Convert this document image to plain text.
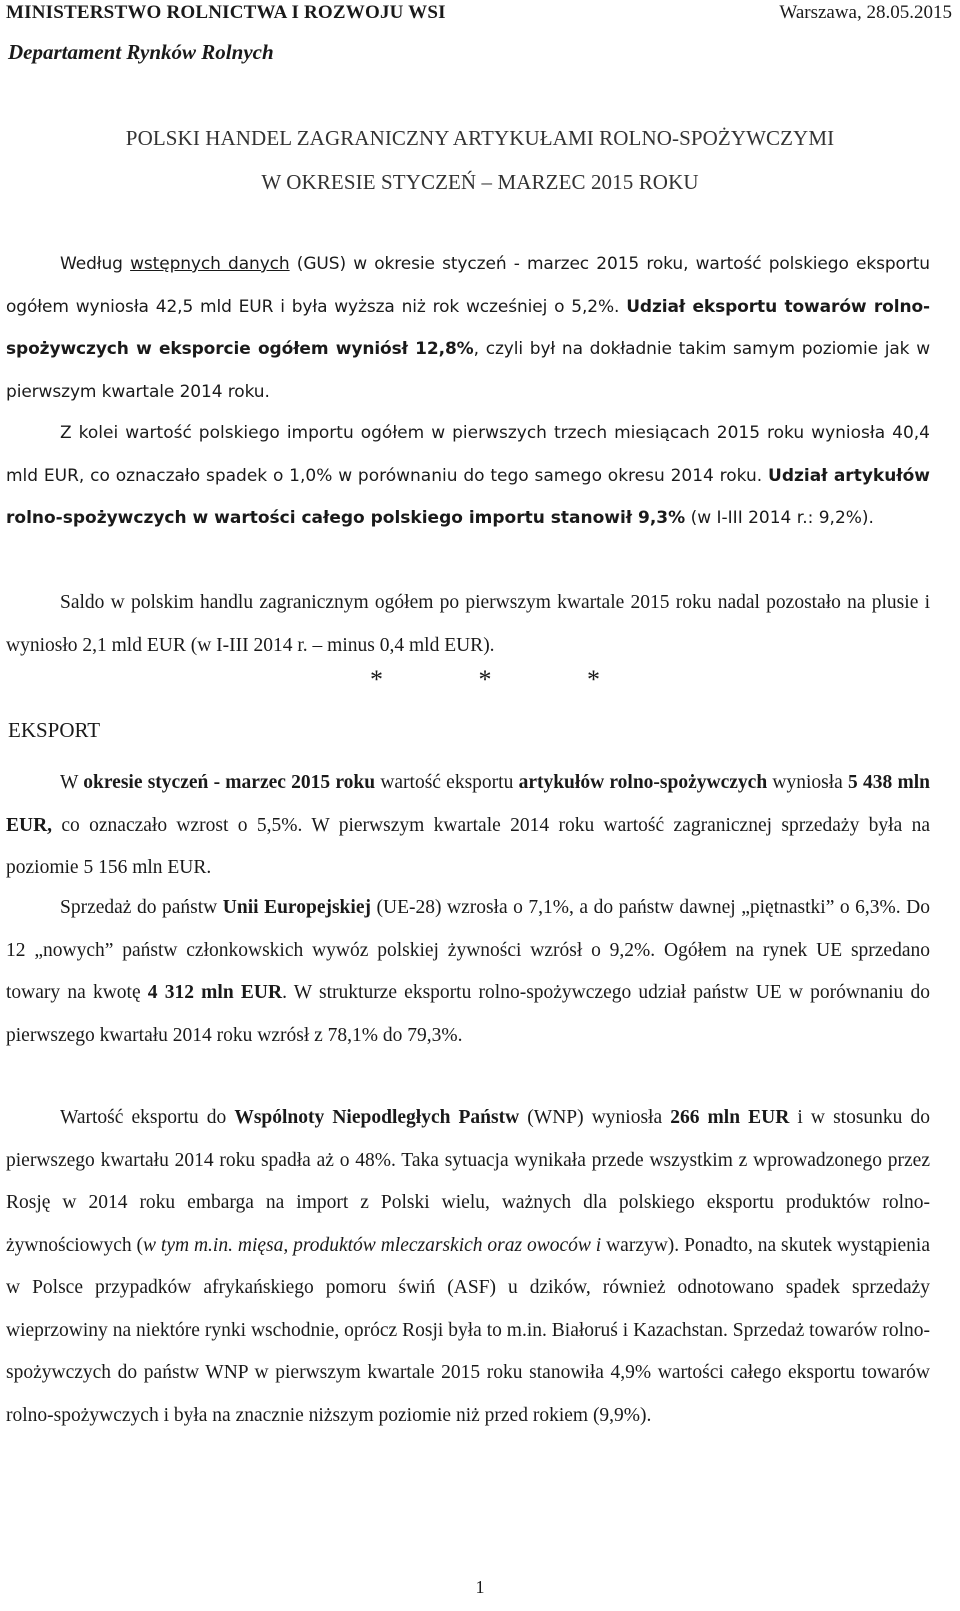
MINISTERSTWO ROLNICTWA I ROZWOJU WSI	Warszawa, 28.05.2015
Departament Rynków Rolnych
POLSKI HANDEL ZAGRANICZNY ARTYKUŁAMI ROLNO-SPOŻYWCZYMI
W OKRESIE STYCZEŃ – MARZEC 2015 ROKU
Według wstępnych danych (GUS) w okresie styczeń - marzec 2015 roku, wartość polskiego eksportu ogółem wyniosła 42,5 mld EUR i była wyższa niż rok wcześniej o 5,2%. Udział eksportu towarów rolno-spożywczych w eksporcie ogółem wyniósł 12,8%, czyli był na dokładnie takim samym poziomie jak w pierwszym kwartale 2014 roku.
Z kolei wartość polskiego importu ogółem w pierwszych trzech miesiącach 2015 roku wyniosła 40,4 mld EUR, co oznaczało spadek o 1,0% w porównaniu do tego samego okresu 2014 roku. Udział artykułów rolno-spożywczych w wartości całego polskiego importu stanowił 9,3% (w I-III 2014 r.: 9,2%).
Saldo w polskim handlu zagranicznym ogółem po pierwszym kwartale 2015 roku nadal pozostało na plusie i wyniosło 2,1 mld EUR (w I-III 2014 r. – minus 0,4 mld EUR).
*	*	*
EKSPORT
W okresie styczeń - marzec 2015 roku wartość eksportu artykułów rolno-spożywczych wyniosła 5 438 mln EUR, co oznaczało wzrost o 5,5%. W pierwszym kwartale 2014 roku wartość zagranicznej sprzedaży była na poziomie 5 156 mln EUR.
Sprzedaż do państw Unii Europejskiej (UE-28) wzrosła o 7,1%, a do państw dawnej „piętnastki” o 6,3%. Do 12 „nowych” państw członkowskich wywóz polskiej żywności wzrósł o 9,2%. Ogółem na rynek UE sprzedano towary na kwotę 4 312 mln EUR. W strukturze eksportu rolno-spożywczego udział państw UE w porównaniu do pierwszego kwartału 2014 roku wzrósł z 78,1% do 79,3%.
Wartość eksportu do Wspólnoty Niepodległych Państw (WNP) wyniosła 266 mln EUR i w stosunku do pierwszego kwartału 2014 roku spadła aż o 48%. Taka sytuacja wynikała przede wszystkim z wprowadzonego przez Rosję w 2014 roku embarga na import z Polski wielu, ważnych dla polskiego eksportu produktów rolno-żywnościowych (w tym m.in. mięsa, produktów mleczarskich oraz owoców i warzyw). Ponadto, na skutek wystąpienia w Polsce przypadków afrykańskiego pomoru świń (ASF) u dzików, również odnotowano spadek sprzedaży wieprzowiny na niektóre rynki wschodnie, oprócz Rosji była to m.in. Białoruś i Kazachstan. Sprzedaż towarów rolno-spożywczych do państw WNP w pierwszym kwartale 2015 roku stanowiła 4,9% wartości całego eksportu towarów rolno-spożywczych i była na znacznie niższym poziomie niż przed rokiem (9,9%).
1
